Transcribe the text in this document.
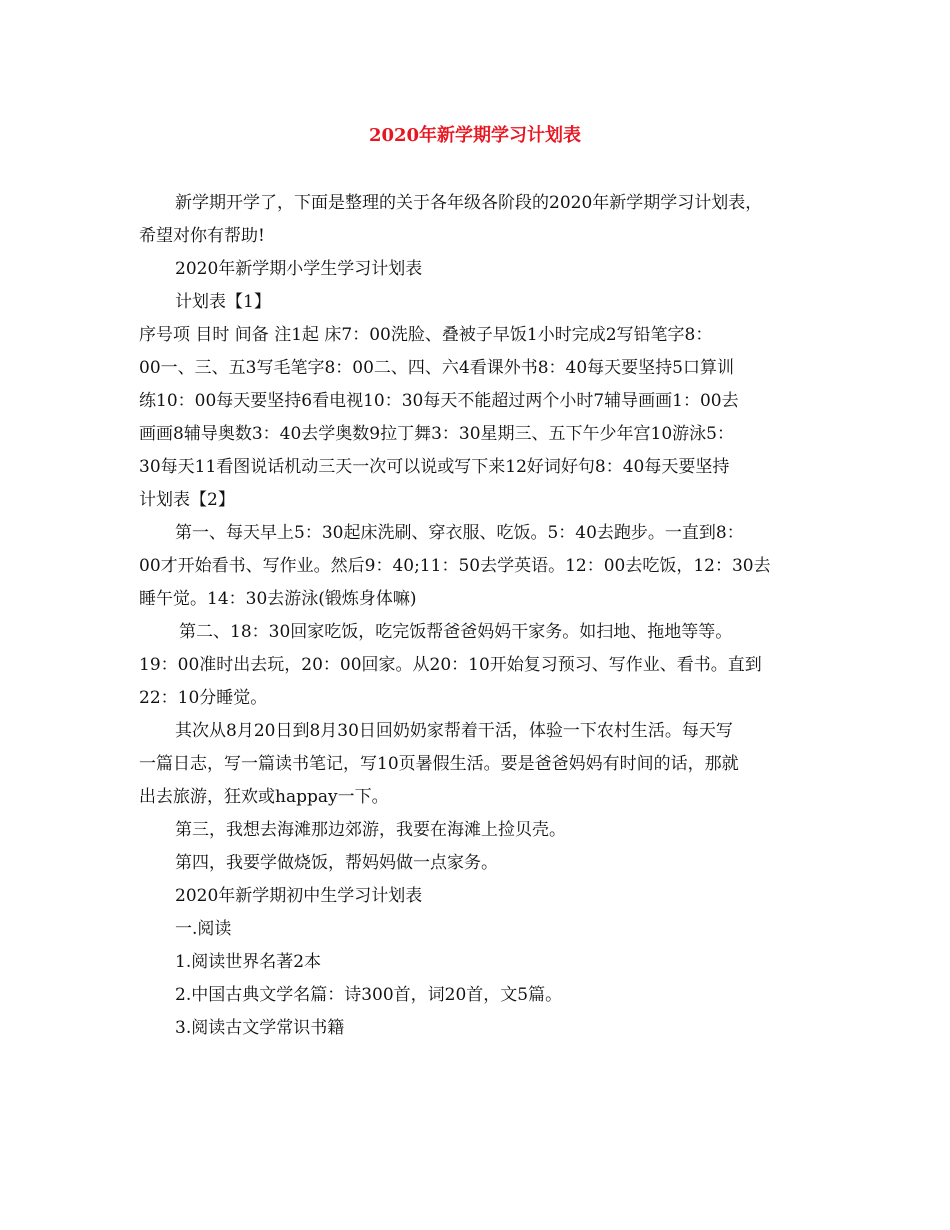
2020年新学期学习计划表

新学期开学了，下面是整理的关于各年级各阶段的2020年新学期学习计划表，

希望对你有帮助!

2020年新学期小学生学习计划表

计划表【1】

序号项 目时 间备 注1起 床7：00洗脸、叠被子早饭1小时完成2写铅笔字8：

00一、三、五3写毛笔字8：00二、四、六4看课外书8：40每天要坚持5口算训

练10：00每天要坚持6看电视10：30每天不能超过两个小时7辅导画画1：00去

画画8辅导奥数3：40去学奥数9拉丁舞3：30星期三、五下午少年宫10游泳5：

30每天11看图说话机动三天一次可以说或写下来12好词好句8：40每天要坚持

计划表【2】

第一、每天早上5：30起床洗刷、穿衣服、吃饭。5：40去跑步。一直到8：

00才开始看书、写作业。然后9：40;11：50去学英语。12：00去吃饭，12：30去

睡午觉。14：30去游泳(锻炼身体嘛)

第二、18：30回家吃饭，吃完饭帮爸爸妈妈干家务。如扫地、拖地等等。

19：00准时出去玩，20：00回家。从20：10开始复习预习、写作业、看书。直到

22：10分睡觉。

其次从8月20日到8月30日回奶奶家帮着干活，体验一下农村生活。每天写

一篇日志，写一篇读书笔记，写10页暑假生活。要是爸爸妈妈有时间的话，那就

出去旅游，狂欢或happay一下。

第三，我想去海滩那边郊游，我要在海滩上捡贝壳。

第四，我要学做烧饭，帮妈妈做一点家务。

2020年新学期初中生学习计划表

一.阅读

1.阅读世界名著2本

2.中国古典文学名篇：诗300首，词20首，文5篇。

3.阅读古文学常识书籍
